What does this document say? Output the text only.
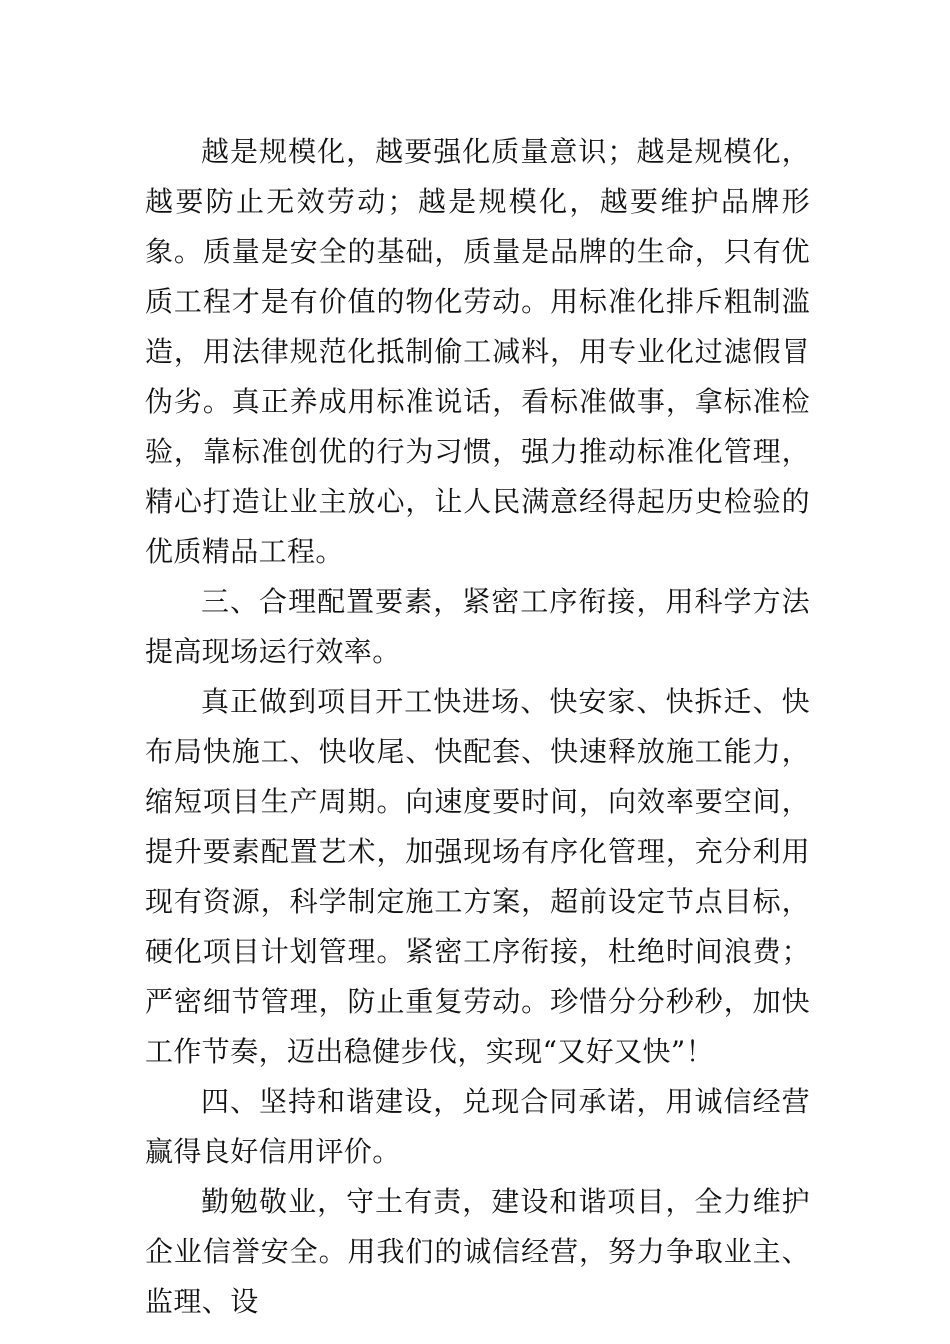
越是规模化，越要强化质量意识；越是规模化，越要防止无效劳动；越是规模化，越要维护品牌形象。质量是安全的基础，质量是品牌的生命，只有优质工程才是有价值的物化劳动。用标准化排斥粗制滥造，用法律规范化抵制偷工减料，用专业化过滤假冒伪劣。真正养成用标准说话，看标准做事，拿标准检验，靠标准创优的行为习惯，强力推动标准化管理，精心打造让业主放心，让人民满意经得起历史检验的优质精品工程。

三、合理配置要素，紧密工序衔接，用科学方法提高现场运行效率。

真正做到项目开工快进场、快安家、快拆迁、快布局快施工、快收尾、快配套、快速释放施工能力，缩短项目生产周期。向速度要时间，向效率要空间，提升要素配置艺术，加强现场有序化管理，充分利用现有资源，科学制定施工方案，超前设定节点目标，硬化项目计划管理。紧密工序衔接，杜绝时间浪费；严密细节管理，防止重复劳动。珍惜分分秒秒，加快工作节奏，迈出稳健步伐，实现“又好又快”！

四、坚持和谐建设，兑现合同承诺，用诚信经营赢得良好信用评价。

勤勉敬业，守土有责，建设和谐项目，全力维护企业信誉安全。用我们的诚信经营，努力争取业主、监理、设
